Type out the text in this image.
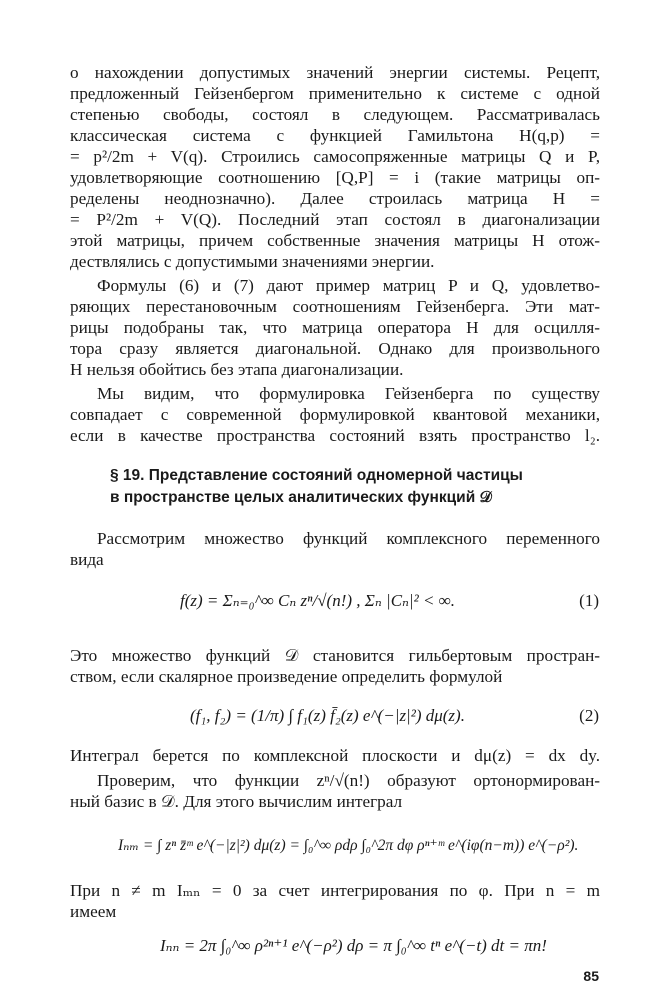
о нахождении допустимых значений энергии системы. Рецепт,
предложенный Гейзенбергом применительно к системе с одной
степенью свободы, состоял в следующем. Рассматривалась
классическая система с функцией Гамильтона H(q,p) =
= p²/2m + V(q). Строились самосопряженные матрицы Q и P,
удовлетворяющие соотношению [Q,P] = i (такие матрицы оп-
ределены неоднозначно). Далее строилась матрица H =
= P²/2m + V(Q). Последний этап состоял в диагонализации
этой матрицы, причем собственные значения матрицы H отож-
дествлялись с допустимыми значениями энергии.
Формулы (6) и (7) дают пример матриц P и Q, удовлетво-
ряющих перестановочным соотношениям Гейзенберга. Эти мат-
рицы подобраны так, что матрица оператора H для осцилля-
тора сразу является диагональной. Однако для произвольного
H нельзя обойтись без этапа диагонализации.
Мы видим, что формулировка Гейзенберга по существу
совпадает с современной формулировкой квантовой механики,
если в качестве пространства состояний взять пространство l₂.
§ 19. Представление состояний одномерной частицы
в пространстве целых аналитических функций 𝒟
Рассмотрим множество функций комплексного переменного
вида
f(z) = Σₙ₌₀^∞ Cₙ zⁿ/√(n!) , Σₙ |Cₙ|² < ∞.	(1)
Это множество функций 𝒟 становится гильбертовым простран-
ством, если скалярное произведение определить формулой
(f₁, f₂) = (1/π) ∫ f₁(z) f̄₂(z) e^(−|z|²) dμ(z).	(2)
Интеграл берется по комплексной плоскости и dμ(z) = dx dy.
Проверим, что функции zⁿ/√(n!) образуют ортонормирован-
ный базис в 𝒟. Для этого вычислим интеграл
Iₙₘ = ∫ zⁿ z̄ᵐ e^(−|z|²) dμ(z) = ∫₀^∞ ρdρ ∫₀^2π dφ ρⁿ⁺ᵐ e^(iφ(n−m)) e^(−ρ²).
При n ≠ m Iₘₙ = 0 за счет интегрирования по φ. При n = m
имеем
Iₙₙ = 2π ∫₀^∞ ρ²ⁿ⁺¹ e^(−ρ²) dρ = π ∫₀^∞ tⁿ e^(−t) dt = πn!
85
